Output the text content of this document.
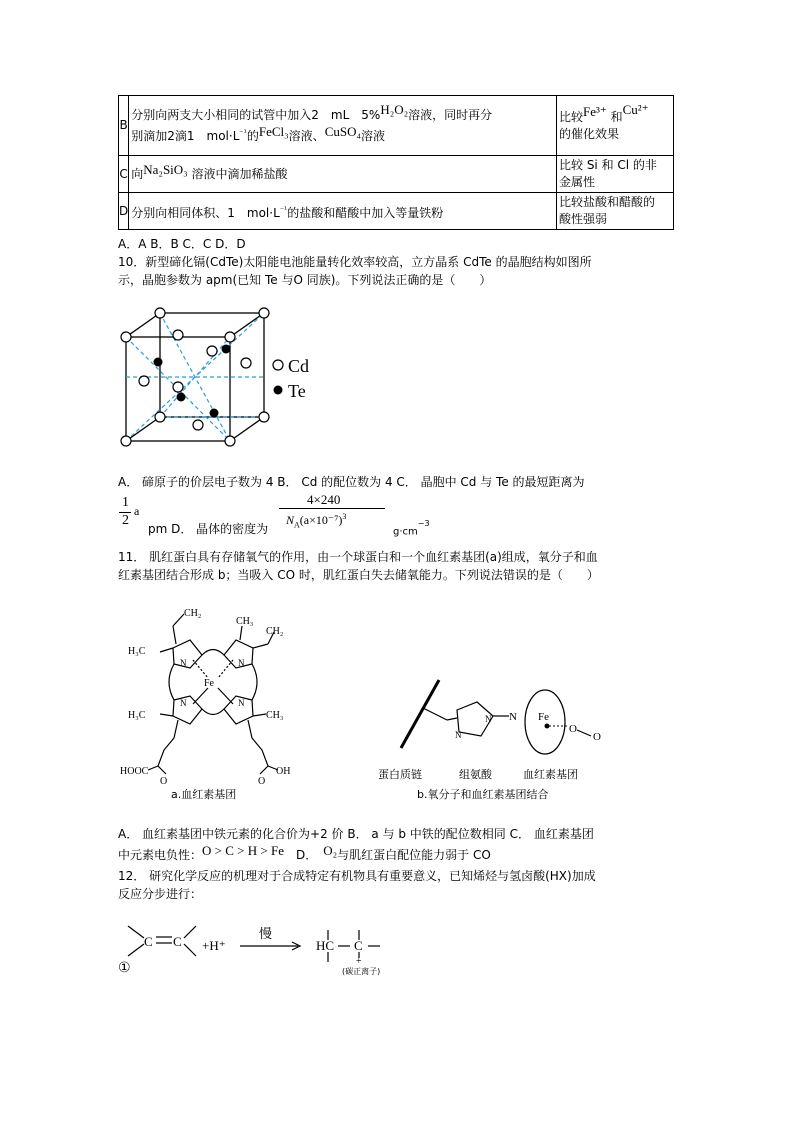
B	分别向两支大小相同的试管中加入2　mL　5%H₂O₂溶液，同时再分
别滴加2滴1　$mol\cdot L^{^{-1}}$的FeCl₃溶液、CuSO₄溶液	比较Fe³⁺ 和Cu²⁺
的催化效果
C	向Na₂SiO₃ 溶液中滴加稀盐酸	比较 Si 和 Cl 的非
金属性
D	分别向相同体积、1　$mol\cdot L^{^{-1}}$的盐酸和醋酸中加入等量铁粉	比较盐酸和醋酸的
酸性强弱
A．A B．B C．C D．D
10．新型碲化镉(CdTe)太阳能电池能量转化效率较高，立方晶系 CdTe 的晶胞结构如图所
示，晶胞参数为 apm(已知 Te 与O 同族)。下列说法正确的是（　　）
Cd
Te
A． 碲原子的价层电子数为 4 B． Cd 的配位数为 4 C． 晶胞中 Cd 与 Te 的最短距离为
1
2
a
pm D． 晶体的密度为
4×240
$N_A(a\times 10^{-7})^3$
$g\cdot cm^{-3}$
11． 肌红蛋白具有存储氧气的作用，由一个球蛋白和一个血红素基团(a)组成，氧分子和血
红素基团结合形成 b；当吸入 CO 时，肌红蛋白失去储氧能力。下列说法错误的是（　　）
CH₂
CH₃
CH₂
H₃C
Fe
N	N
N	N
H₃C	CH₃
HOOC
O	O
OH
a.血红素基团
N
N
N
Fe
O
O
蛋白质链	组氨酸	血红素基团
b.氧分子和血红素基团结合
A． 血红素基团中铁元素的化合价为+2 价 B． a 与 b 中铁的配位数相同 C． 血红素基团
中元素电负性：O > C > H > Fe　 D．　 O₂与肌红蛋白配位能力弱于 CO
12． 研究化学反应的机理对于合成特定有机物具有重要意义，已知烯烃与氢卤酸(HX)加成
反应分步进行：
C C +H⁺	HC C
+
慢
(碳正离子)
①
